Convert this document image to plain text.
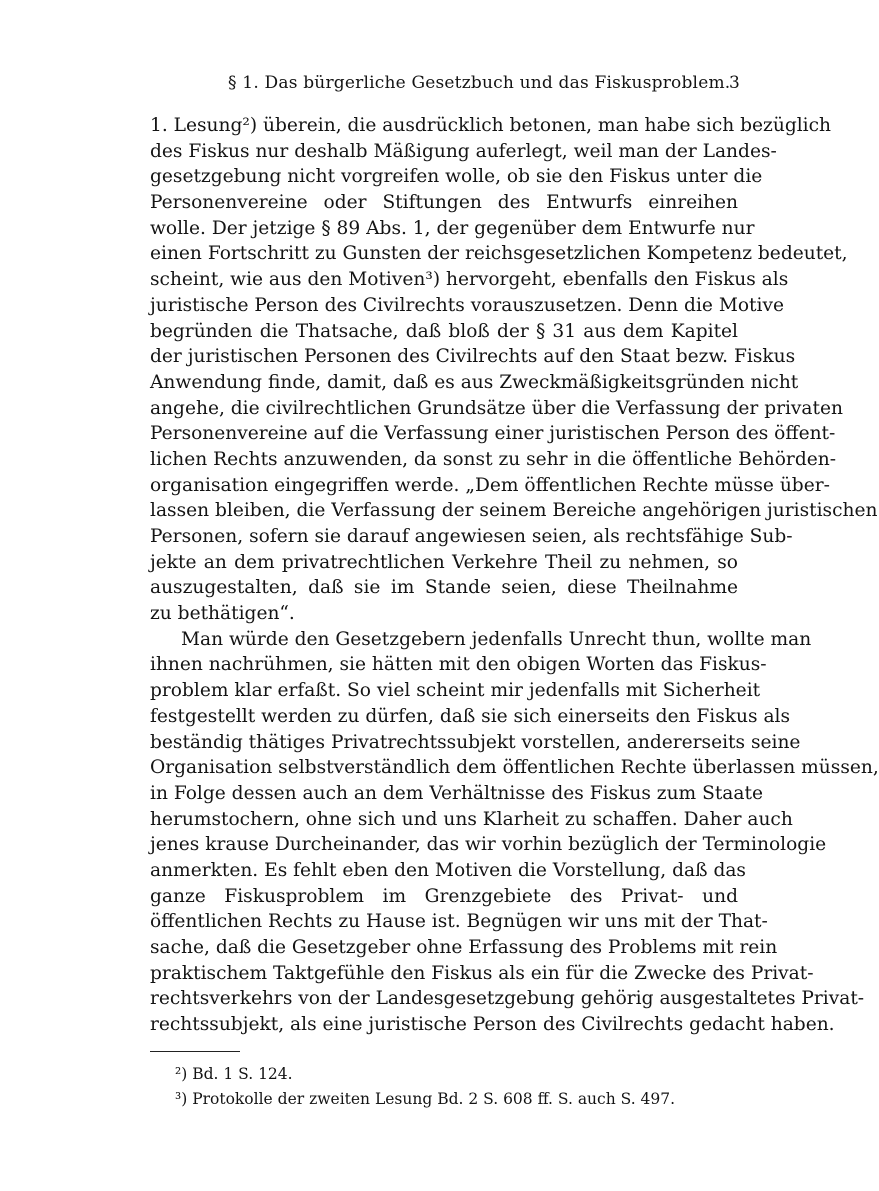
§ 1. Das bürgerliche Gesetzbuch und das Fiskusproblem.
3
1. Lesung²) überein, die ausdrücklich betonen, man habe sich bezüglich
des Fiskus nur deshalb Mäßigung auferlegt, weil man der Landes-
gesetzgebung nicht vorgreifen wolle, ob sie den Fiskus unter die
Personenvereine oder Stiftungen des Entwurfs einreihen
wolle. Der jetzige § 89 Abs. 1, der gegenüber dem Entwurfe nur
einen Fortschritt zu Gunsten der reichsgesetzlichen Kompetenz bedeutet,
scheint, wie aus den Motiven³) hervorgeht, ebenfalls den Fiskus als
juristische Person des Civilrechts vorauszusetzen. Denn die Motive
begründen die Thatsache, daß bloß der § 31 aus dem Kapitel
der juristischen Personen des Civilrechts auf den Staat bezw. Fiskus
Anwendung finde, damit, daß es aus Zweckmäßigkeitsgründen nicht
angehe, die civilrechtlichen Grundsätze über die Verfassung der privaten
Personenvereine auf die Verfassung einer juristischen Person des öffent-
lichen Rechts anzuwenden, da sonst zu sehr in die öffentliche Behörden-
organisation eingegriffen werde. „Dem öffentlichen Rechte müsse über-
lassen bleiben, die Verfassung der seinem Bereiche angehörigen juristischen
Personen, sofern sie darauf angewiesen seien, als rechtsfähige Sub-
jekte an dem privatrechtlichen Verkehre Theil zu nehmen, so
auszugestalten, daß sie im Stande seien, diese Theilnahme
zu bethätigen“.
Man würde den Gesetzgebern jedenfalls Unrecht thun, wollte man
ihnen nachrühmen, sie hätten mit den obigen Worten das Fiskus-
problem klar erfaßt. So viel scheint mir jedenfalls mit Sicherheit
festgestellt werden zu dürfen, daß sie sich einerseits den Fiskus als
beständig thätiges Privatrechtssubjekt vorstellen, andererseits seine
Organisation selbstverständlich dem öffentlichen Rechte überlassen müssen,
in Folge dessen auch an dem Verhältnisse des Fiskus zum Staate
herumstochern, ohne sich und uns Klarheit zu schaffen. Daher auch
jenes krause Durcheinander, das wir vorhin bezüglich der Terminologie
anmerkten. Es fehlt eben den Motiven die Vorstellung, daß das
ganze Fiskusproblem im Grenzgebiete des Privat- und
öffentlichen Rechts zu Hause ist. Begnügen wir uns mit der That-
sache, daß die Gesetzgeber ohne Erfassung des Problems mit rein
praktischem Taktgefühle den Fiskus als ein für die Zwecke des Privat-
rechtsverkehrs von der Landesgesetzgebung gehörig ausgestaltetes Privat-
rechtssubjekt, als eine juristische Person des Civilrechts gedacht haben.
²) Bd. 1 S. 124.
³) Protokolle der zweiten Lesung Bd. 2 S. 608 ff. S. auch S. 497.
